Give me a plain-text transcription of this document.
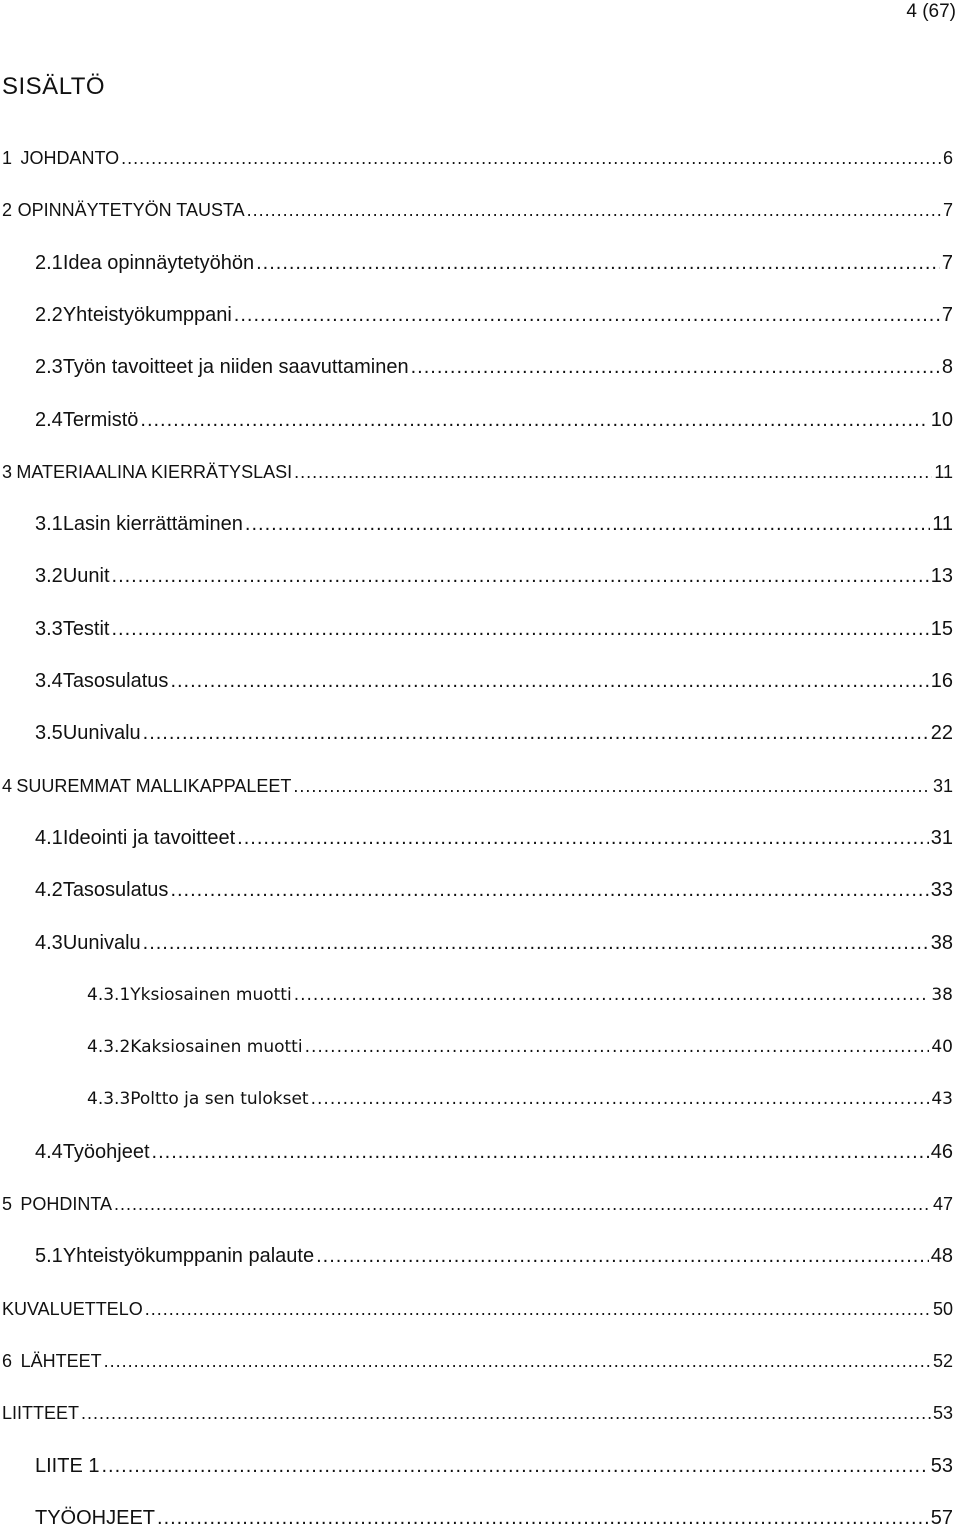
4 (67)
SISÄLTÖ
1 JOHDANTO .....	6
2 OPINNÄYTETYÖN TAUSTA .....	7
2.1 Idea opinnäytetyöhön .....	7
2.2 Yhteistyökumppani .....	7
2.3 Työn tavoitteet ja niiden saavuttaminen .....	8
2.4 Termistö .....	10
3 MATERIAALINA KIERRÄTYSLASI .....	11
3.1 Lasin kierrättäminen .....	11
3.2 Uunit .....	13
3.3 Testit .....	15
3.4 Tasosulatus .....	16
3.5 Uunivalu .....	22
4 SUUREMMAT MALLIKAPPALEET .....	31
4.1 Ideointi ja tavoitteet .....	31
4.2 Tasosulatus .....	33
4.3 Uunivalu .....	38
4.3.1 Yksiosainen muotti .....	38
4.3.2 Kaksiosainen muotti .....	40
4.3.3 Poltto ja sen tulokset .....	43
4.4 Työohjeet .....	46
5 POHDINTA .....	47
5.1 Yhteistyökumppanin palaute .....	48
KUVALUETTELO .....	50
6 LÄHTEET .....	52
LIITTEET .....	53
LIITE 1 .....	53
TYÖOHJEET .....	57
